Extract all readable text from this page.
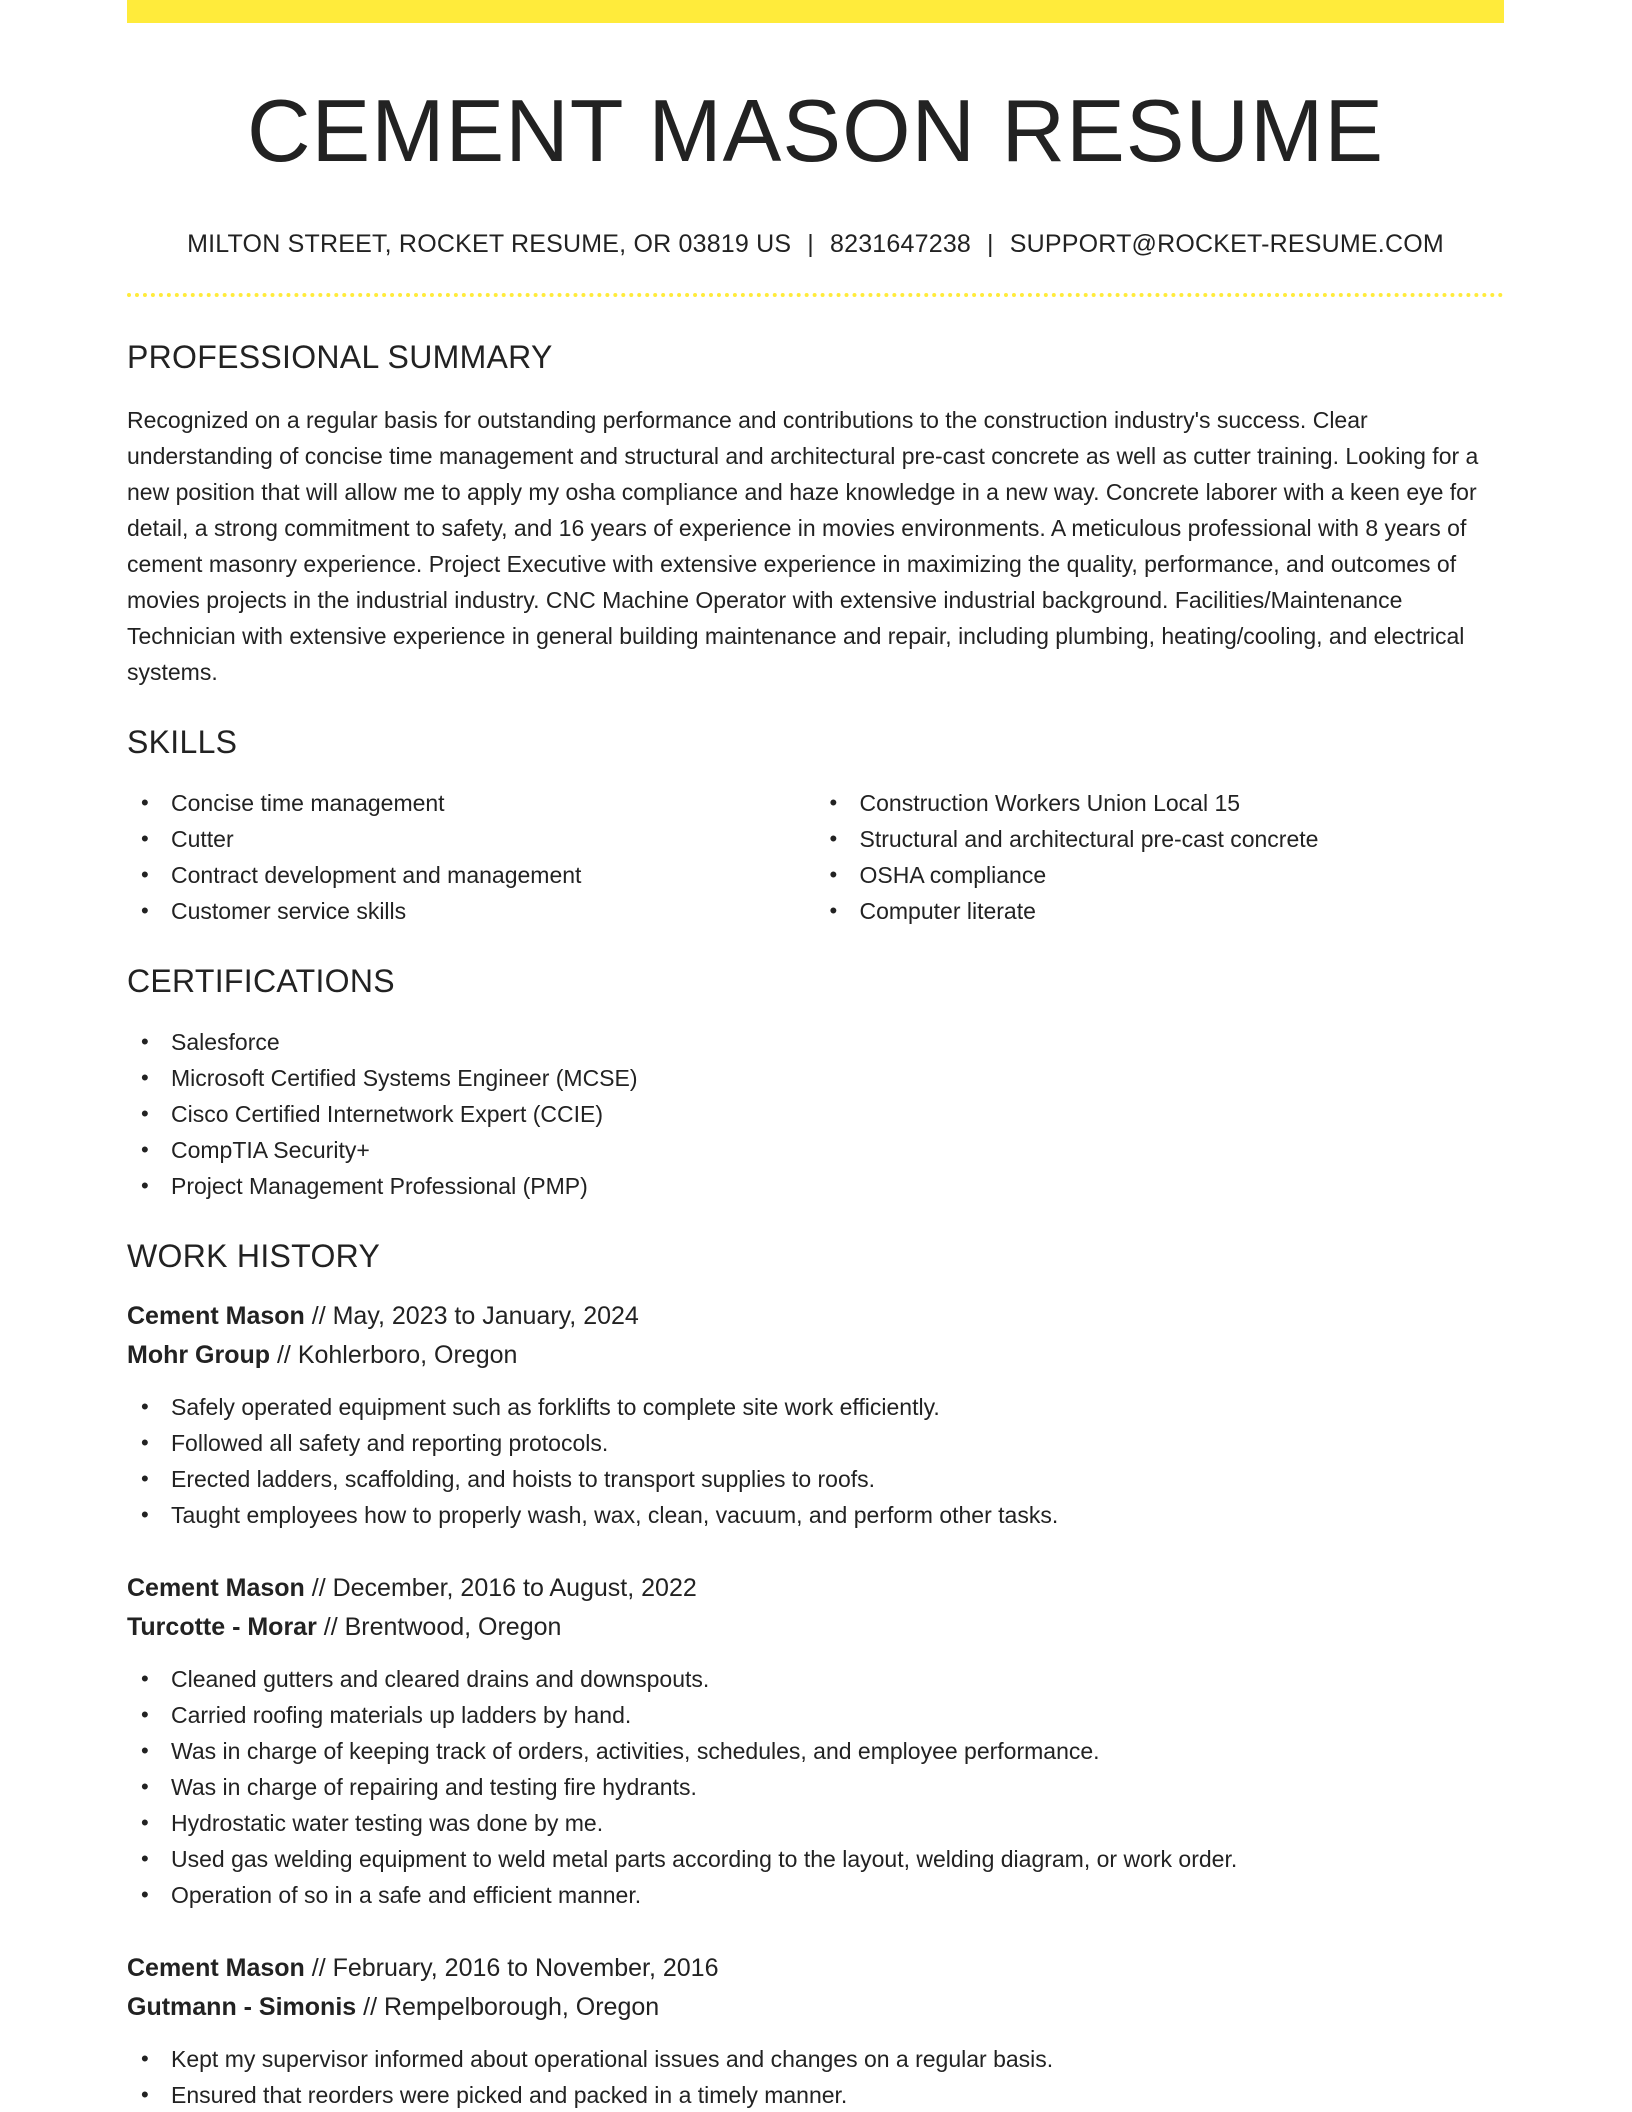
CEMENT MASON RESUME
MILTON STREET, ROCKET RESUME, OR 03819 US | 8231647238 | SUPPORT@ROCKET-RESUME.COM
PROFESSIONAL SUMMARY

Recognized on a regular basis for outstanding performance and contributions to the construction industry's success. Clear understanding of concise time management and structural and architectural pre-cast concrete as well as cutter training. Looking for a new position that will allow me to apply my osha compliance and haze knowledge in a new way. Concrete laborer with a keen eye for detail, a strong commitment to safety, and 16 years of experience in movies environments. A meticulous professional with 8 years of cement masonry experience. Project Executive with extensive experience in maximizing the quality, performance, and outcomes of movies projects in the industrial industry. CNC Machine Operator with extensive industrial background. Facilities/Maintenance Technician with extensive experience in general building maintenance and repair, including plumbing, heating/cooling, and electrical systems.

SKILLS
• Concise time management
• Cutter
• Contract development and management
• Customer service skills
• Construction Workers Union Local 15
• Structural and architectural pre-cast concrete
• OSHA compliance
• Computer literate
CERTIFICATIONS
• Salesforce
• Microsoft Certified Systems Engineer (MCSE)
• Cisco Certified Internetwork Expert (CCIE)
• CompTIA Security+
• Project Management Professional (PMP)
WORK HISTORY
Cement Mason // May, 2023 to January, 2024
Mohr Group // Kohlerboro, Oregon
• Safely operated equipment such as forklifts to complete site work efficiently.
• Followed all safety and reporting protocols.
• Erected ladders, scaffolding, and hoists to transport supplies to roofs.
• Taught employees how to properly wash, wax, clean, vacuum, and perform other tasks.
Cement Mason // December, 2016 to August, 2022
Turcotte - Morar // Brentwood, Oregon
• Cleaned gutters and cleared drains and downspouts.
• Carried roofing materials up ladders by hand.
• Was in charge of keeping track of orders, activities, schedules, and employee performance.
• Was in charge of repairing and testing fire hydrants.
• Hydrostatic water testing was done by me.
• Used gas welding equipment to weld metal parts according to the layout, welding diagram, or work order.
• Operation of so in a safe and efficient manner.
Cement Mason // February, 2016 to November, 2016
Gutmann - Simonis // Rempelborough, Oregon
• Kept my supervisor informed about operational issues and changes on a regular basis.
• Ensured that reorders were picked and packed in a timely manner.
